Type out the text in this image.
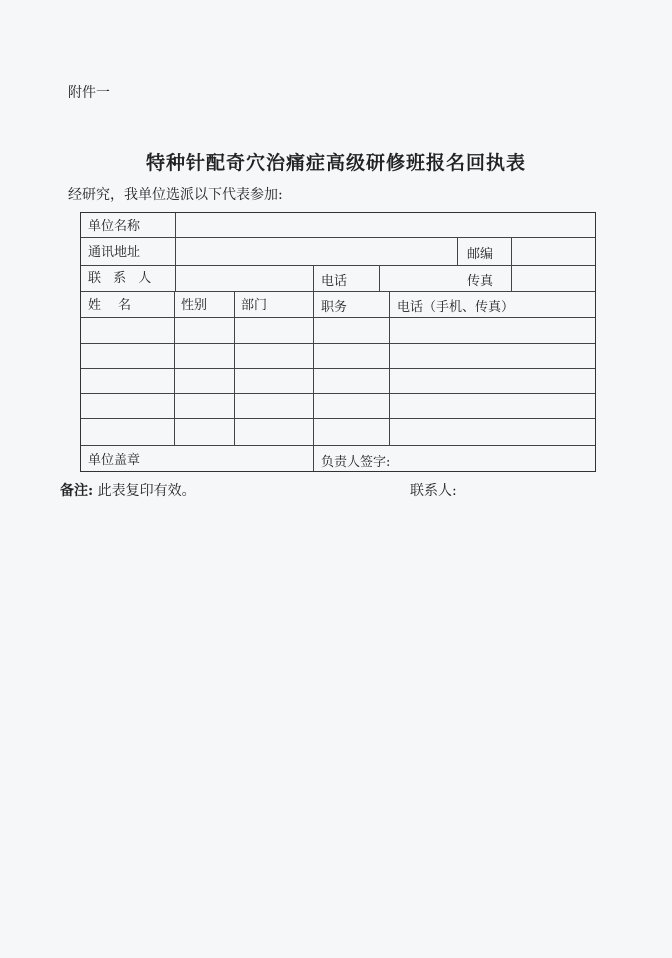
附件一
特种针配奇穴治痛症高级研修班报名回执表
经研究，我单位选派以下代表参加:
单位名称
通讯地址	邮编
联 系 人	电话	传真
姓　名	性别	部门	职务	电话（手机、传真）
单位盖章	负责人签字:
备注: 此表复印有效。	联系人:
